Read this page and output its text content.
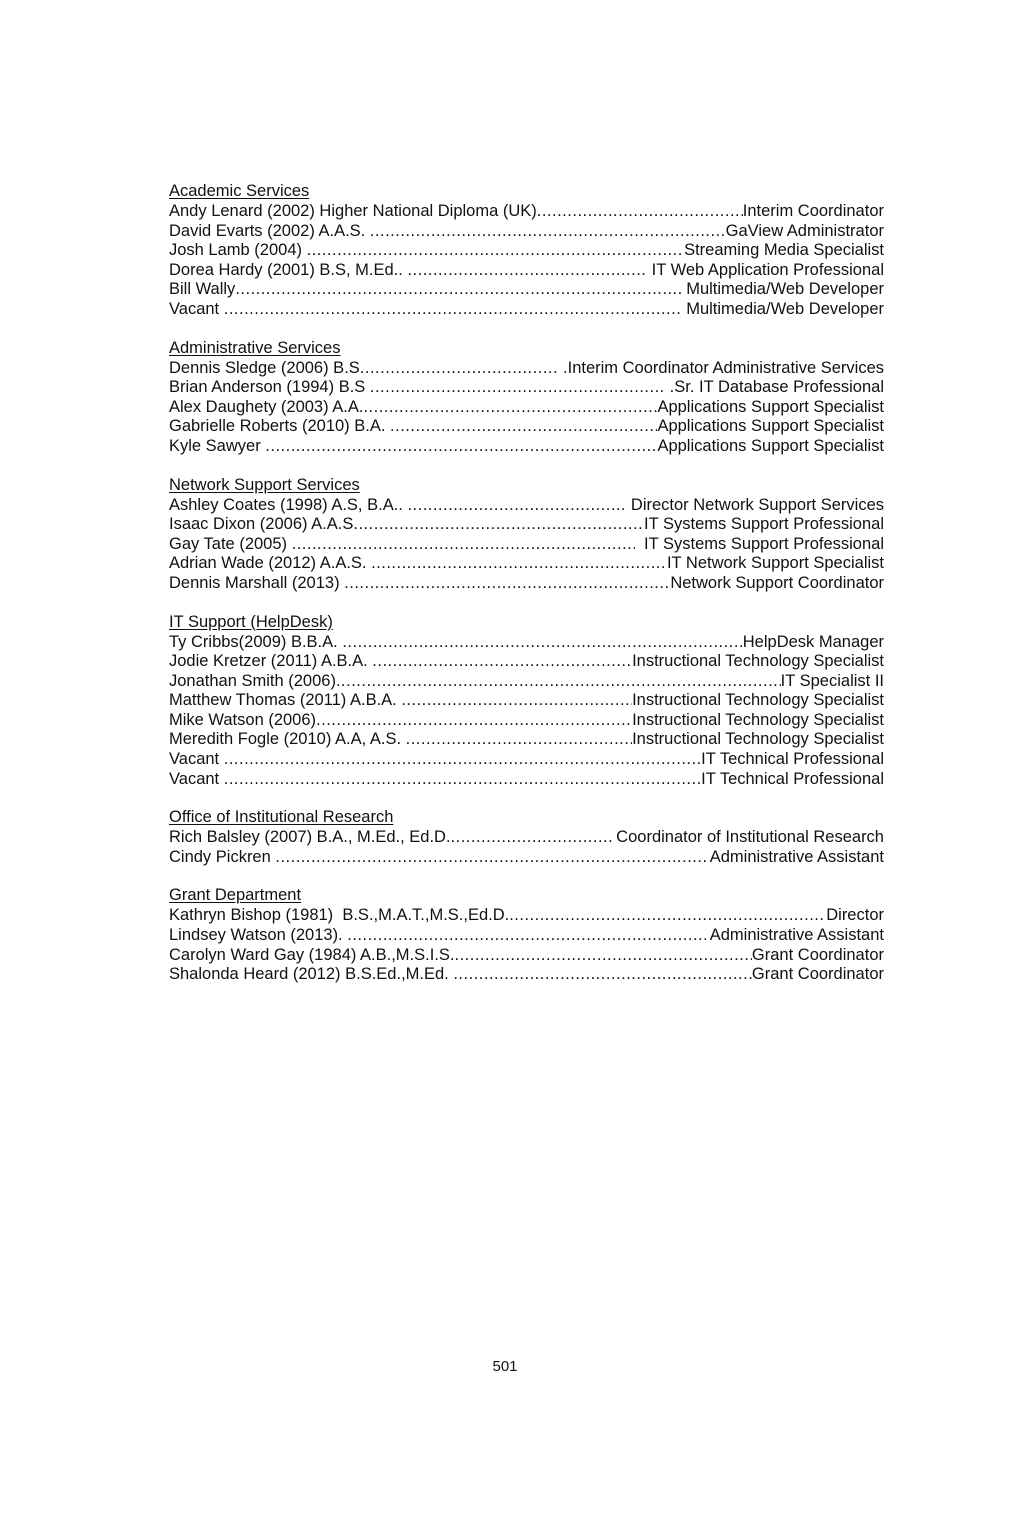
Academic Services
Andy Lenard (2002) Higher National Diploma (UK) .....	Interim Coordinator
David Evarts (2002) A.A.S. .....	GaView Administrator
Josh Lamb (2004) .....	Streaming Media Specialist
Dorea Hardy (2001) B.S, M.Ed.. .....	IT Web Application Professional
Bill Wally .....	Multimedia/Web Developer
Vacant .....	Multimedia/Web Developer
Administrative Services
Dennis Sledge (2006) B.S .....	.Interim Coordinator Administrative Services
Brian Anderson (1994) B.S .....	.Sr. IT Database Professional
Alex Daughety (2003) A.A. .....	Applications Support Specialist
Gabrielle Roberts (2010) B.A. .....	Applications Support Specialist
Kyle Sawyer .....	Applications Support Specialist
Network Support Services
Ashley Coates (1998) A.S, B.A.. .....	Director Network Support Services
Isaac Dixon (2006) A.A.S .....	IT Systems Support Professional
Gay Tate (2005) .....	IT Systems Support Professional
Adrian Wade (2012) A.A.S. .....	IT Network Support Specialist
Dennis Marshall (2013) .....	Network Support Coordinator
IT Support (HelpDesk)
Ty Cribbs(2009) B.B.A. .....	HelpDesk Manager
Jodie Kretzer (2011) A.B.A. .....	Instructional Technology Specialist
Jonathan Smith (2006) .....	IT Specialist II
Matthew Thomas (2011) A.B.A. .....	Instructional Technology Specialist
Mike Watson (2006) .....	Instructional Technology Specialist
Meredith Fogle (2010) A.A, A.S. .....	Instructional Technology Specialist
Vacant .....	IT Technical Professional
Vacant .....	IT Technical Professional
Office of Institutional Research
Rich Balsley (2007) B.A., M.Ed., Ed.D. .....	Coordinator of Institutional Research
Cindy Pickren .....	Administrative Assistant
Grant Department
Kathryn Bishop (1981)  B.S.,M.A.T.,M.S.,Ed.D. .....	Director
Lindsey Watson (2013). .....	Administrative Assistant
Carolyn Ward Gay (1984) A.B.,M.S.I.S. .....	Grant Coordinator
Shalonda Heard (2012) B.S.Ed.,M.Ed. .....	Grant Coordinator
501
